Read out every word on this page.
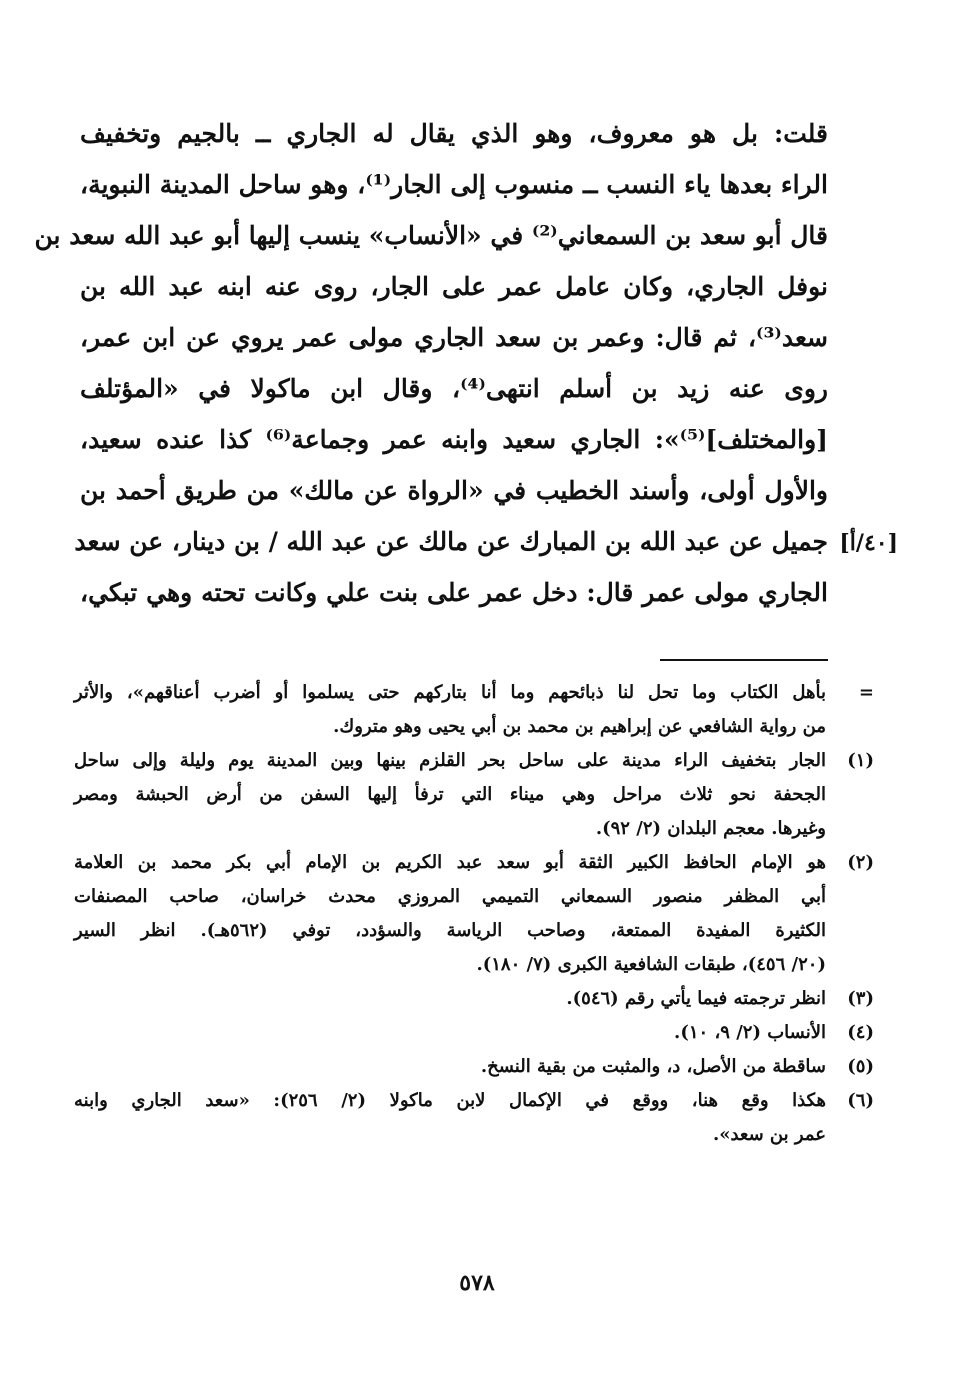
قلت: بل هو معروف، وهو الذي يقال له الجاري ــ بالجيم وتخفيف
الراء بعدها ياء النسب ــ منسوب إلى الجار⁽¹⁾، وهو ساحل المدينة النبوية،
قال أبو سعد بن السمعاني⁽²⁾ في «الأنساب» ينسب إليها أبو عبد الله سعد بن
نوفل الجاري، وكان عامل عمر على الجار، روى عنه ابنه عبد الله بن
سعد⁽³⁾، ثم قال: وعمر بن سعد الجاري مولى عمر يروي عن ابن عمر،
روى عنه زيد بن أسلم انتهى⁽⁴⁾، وقال ابن ماكولا في «المؤتلف
[والمختلف]⁽⁵⁾»: الجاري سعيد وابنه عمر وجماعة⁽⁶⁾ كذا عنده سعيد،
والأول أولى، وأسند الخطيب في «الرواة عن مالك» من طريق أحمد بن
جميل عن عبد الله بن المبارك عن مالك عن عبد الله / بن دينار، عن سعد
الجاري مولى عمر قال: دخل عمر على بنت علي وكانت تحته وهي تبكي،
[٤٠/أ]
=
بأهل الكتاب وما تحل لنا ذبائحهم وما أنا بتاركهم حتى يسلموا أو أضرب أعناقهم»، والأثر
من رواية الشافعي عن إبراهيم بن محمد بن أبي يحيى وهو متروك.
(١)
الجار بتخفيف الراء مدينة على ساحل بحر القلزم بينها وبين المدينة يوم وليلة وإلى ساحل
الجحفة نحو ثلاث مراحل وهي ميناء التي ترفأ إليها السفن من أرض الحبشة ومصر
وغيرها. معجم البلدان (٢/ ٩٢).
(٢)
هو الإمام الحافظ الكبير الثقة أبو سعد عبد الكريم بن الإمام أبي بكر محمد بن العلامة
أبي المظفر منصور السمعاني التميمي المروزي محدث خراسان، صاحب المصنفات
الكثيرة المفيدة الممتعة، وصاحب الرياسة والسؤدد، توفي (٥٦٢هـ). انظر السير
(٢٠/ ٤٥٦)، طبقات الشافعية الكبرى (٧/ ١٨٠).
(٣)
انظر ترجمته فيما يأتي رقم (٥٤٦).
(٤)
الأنساب (٢/ ٩، ١٠).
(٥)
ساقطة من الأصل، د، والمثبت من بقية النسخ.
(٦)
هكذا وقع هنا، ووقع في الإكمال لابن ماكولا (٢/ ٢٥٦): «سعد الجاري وابنه
عمر بن سعد».
٥٧٨
